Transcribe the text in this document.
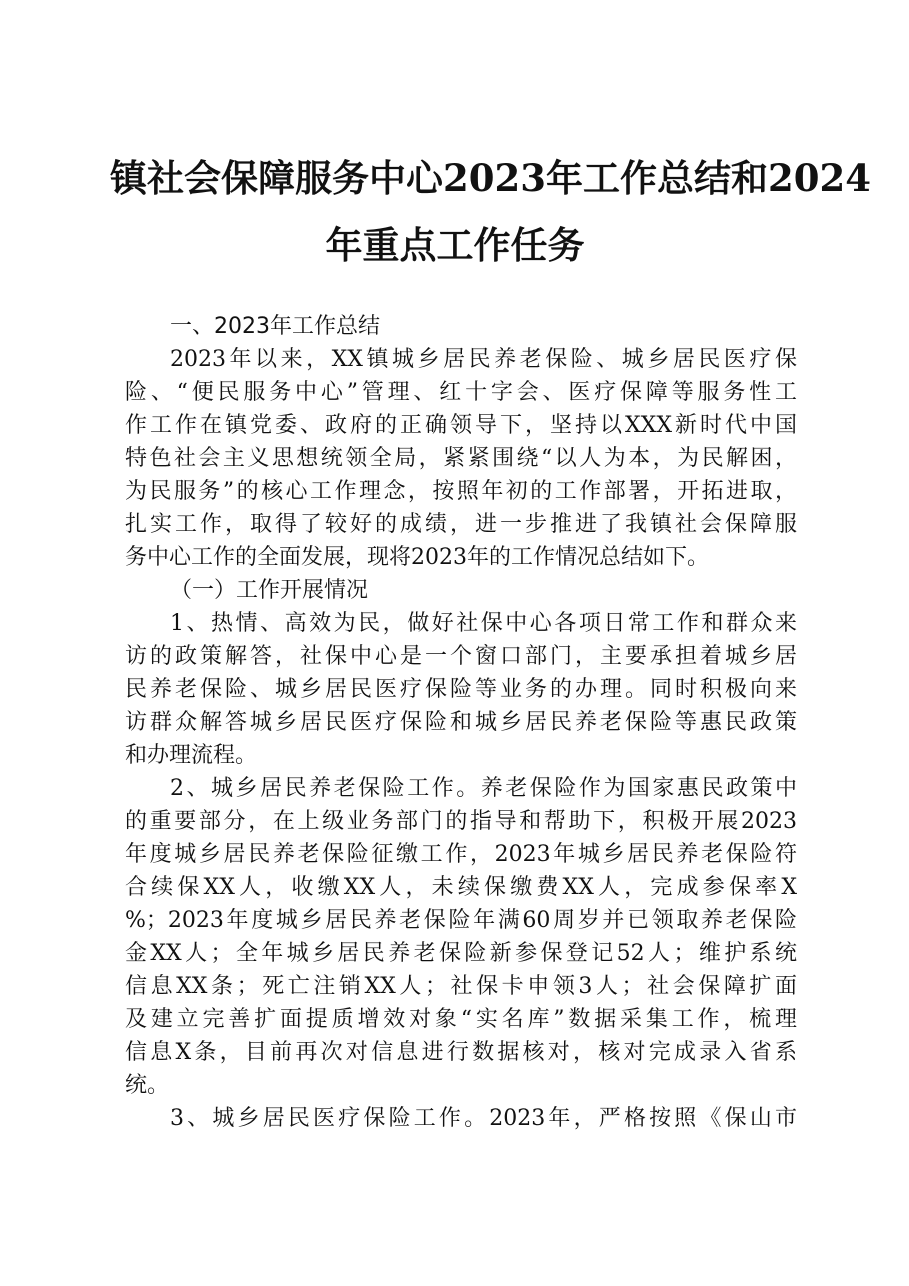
镇社会保障服务中心2023年工作总结和2024
年重点工作任务
一、2023年工作总结
2023年以来，XX镇城乡居民养老保险、城乡居民医疗保
险、“便民服务中心”管理、红十字会、医疗保障等服务性工
作工作在镇党委、政府的正确领导下，坚持以XXX新时代中国
特色社会主义思想统领全局，紧紧围绕“以人为本，为民解困，
为民服务”的核心工作理念，按照年初的工作部署，开拓进取，
扎实工作，取得了较好的成绩，进一步推进了我镇社会保障服
务中心工作的全面发展，现将2023年的工作情况总结如下。
（一）工作开展情况
1、热情、高效为民，做好社保中心各项日常工作和群众来
访的政策解答，社保中心是一个窗口部门，主要承担着城乡居
民养老保险、城乡居民医疗保险等业务的办理。同时积极向来
访群众解答城乡居民医疗保险和城乡居民养老保险等惠民政策
和办理流程。
2、城乡居民养老保险工作。养老保险作为国家惠民政策中
的重要部分，在上级业务部门的指导和帮助下，积极开展2023
年度城乡居民养老保险征缴工作，2023年城乡居民养老保险符
合续保XX人，收缴XX人，未续保缴费XX人，完成参保率X
%；2023年度城乡居民养老保险年满60周岁并已领取养老保险
金XX人；全年城乡居民养老保险新参保登记52人；维护系统
信息XX条；死亡注销XX人；社保卡申领3人；社会保障扩面
及建立完善扩面提质增效对象“实名库”数据采集工作，梳理
信息X条，目前再次对信息进行数据核对，核对完成录入省系
统。
3、城乡居民医疗保险工作。2023年，严格按照《保山市
